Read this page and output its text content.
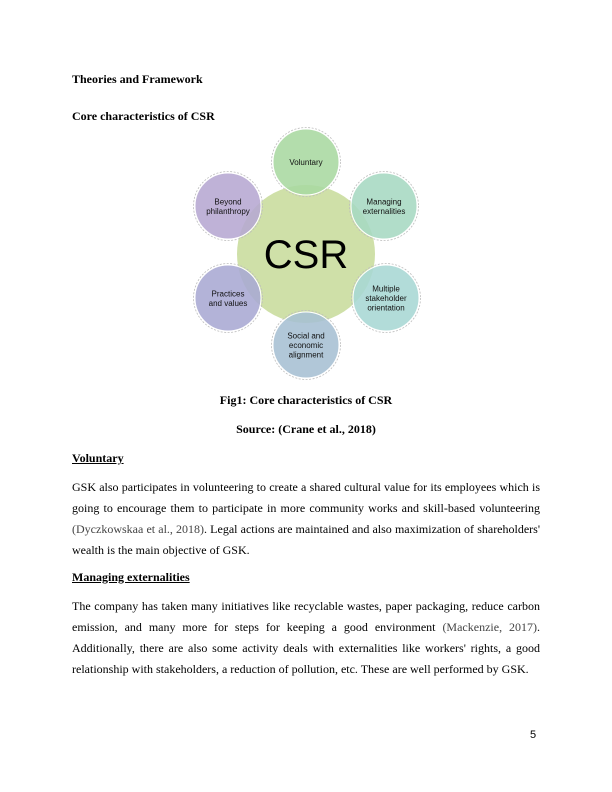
Theories and Framework

Core characteristics of CSR

Voluntary
Managing
externalities
Multiple
stakeholder
orientation
Social and
economic
alignment
Practices
and values
Beyond
philanthropy
CSR

Fig1: Core characteristics of CSR

Source: (Crane et al., 2018)

Voluntary

GSK also participates in volunteering to create a shared cultural value for its employees which is going to encourage them to participate in more community works and skill-based volunteering (Dyczkowskaa et al., 2018). Legal actions are maintained and also maximization of shareholders' wealth is the main objective of GSK.

Managing externalities

The company has taken many initiatives like recyclable wastes, paper packaging, reduce carbon emission, and many more for steps for keeping a good environment (Mackenzie, 2017). Additionally, there are also some activity deals with externalities like workers' rights, a good relationship with stakeholders, a reduction of pollution, etc. These are well performed by GSK.

5
